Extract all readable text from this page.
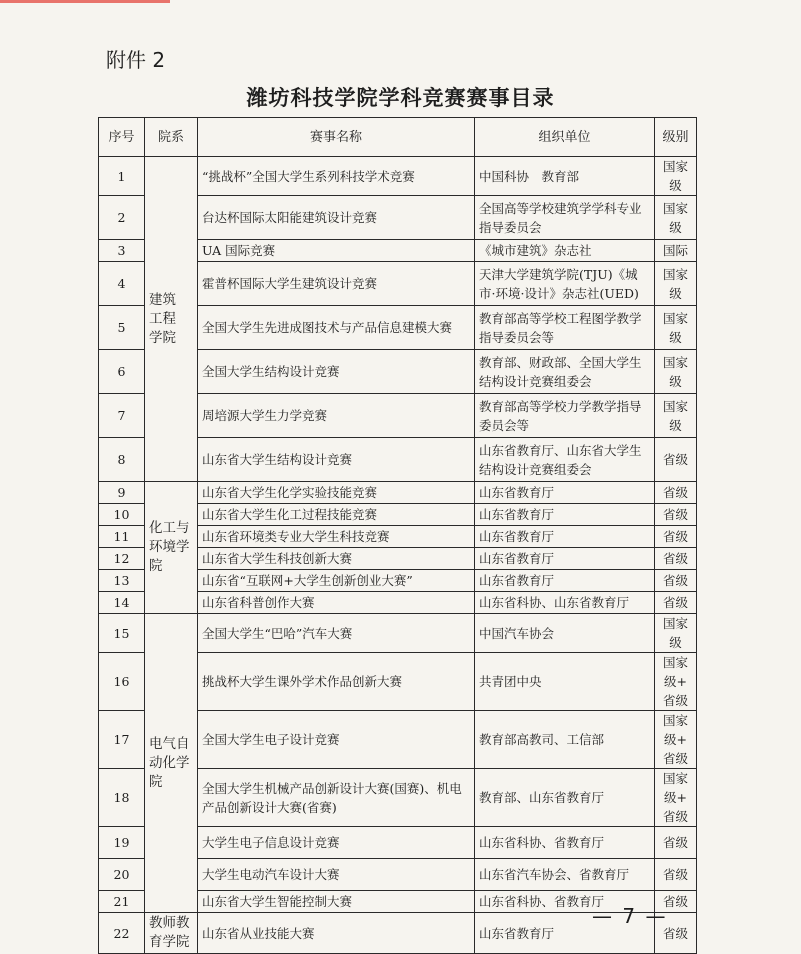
附件 2
潍坊科技学院学科竞赛赛事目录
序号	院系	赛事名称	组织单位	级别
1	建筑
工程
学院	“挑战杯”全国大学生系列科技学术竞赛	中国科协　教育部	国家级
2		台达杯国际太阳能建筑设计竞赛	全国高等学校建筑学学科专业指导委员会	国家级
3		UA 国际竞赛	《城市建筑》杂志社	国际
4		霍普杯国际大学生建筑设计竞赛	天津大学建筑学院(TJU)《城市·环境·设计》杂志社(UED)	国家级
5		全国大学生先进成图技术与产品信息建模大赛	教育部高等学校工程图学教学指导委员会等	国家级
6		全国大学生结构设计竞赛	教育部、财政部、全国大学生结构设计竞赛组委会	国家级
7		周培源大学生力学竞赛	教育部高等学校力学教学指导委员会等	国家级
8		山东省大学生结构设计竞赛	山东省教育厅、山东省大学生结构设计竞赛组委会	省级
9	化工与
环境学
院	山东省大学生化学实验技能竞赛	山东省教育厅	省级
10		山东省大学生化工过程技能竞赛	山东省教育厅	省级
11		山东省环境类专业大学生科技竞赛	山东省教育厅	省级
12		山东省大学生科技创新大赛	山东省教育厅	省级
13		山东省“互联网+大学生创新创业大赛”	山东省教育厅	省级
14		山东省科普创作大赛	山东省科协、山东省教育厅	省级
15	电气自
动化学
院	全国大学生“巴哈”汽车大赛	中国汽车协会	国家级
16		挑战杯大学生课外学术作品创新大赛	共青团中央	国家级+
省级
17		全国大学生电子设计竞赛	教育部高教司、工信部	国家级+
省级
18		全国大学生机械产品创新设计大赛(国赛)、机电产品创新设计大赛(省赛)	教育部、山东省教育厅	国家级+
省级
19		大学生电子信息设计竞赛	山东省科协、省教育厅	省级
20		大学生电动汽车设计大赛	山东省汽车协会、省教育厅	省级
21		山东省大学生智能控制大赛	山东省科协、省教育厅	省级
22	教师教
育学院	山东省从业技能大赛	山东省教育厅	省级
— 7 —
